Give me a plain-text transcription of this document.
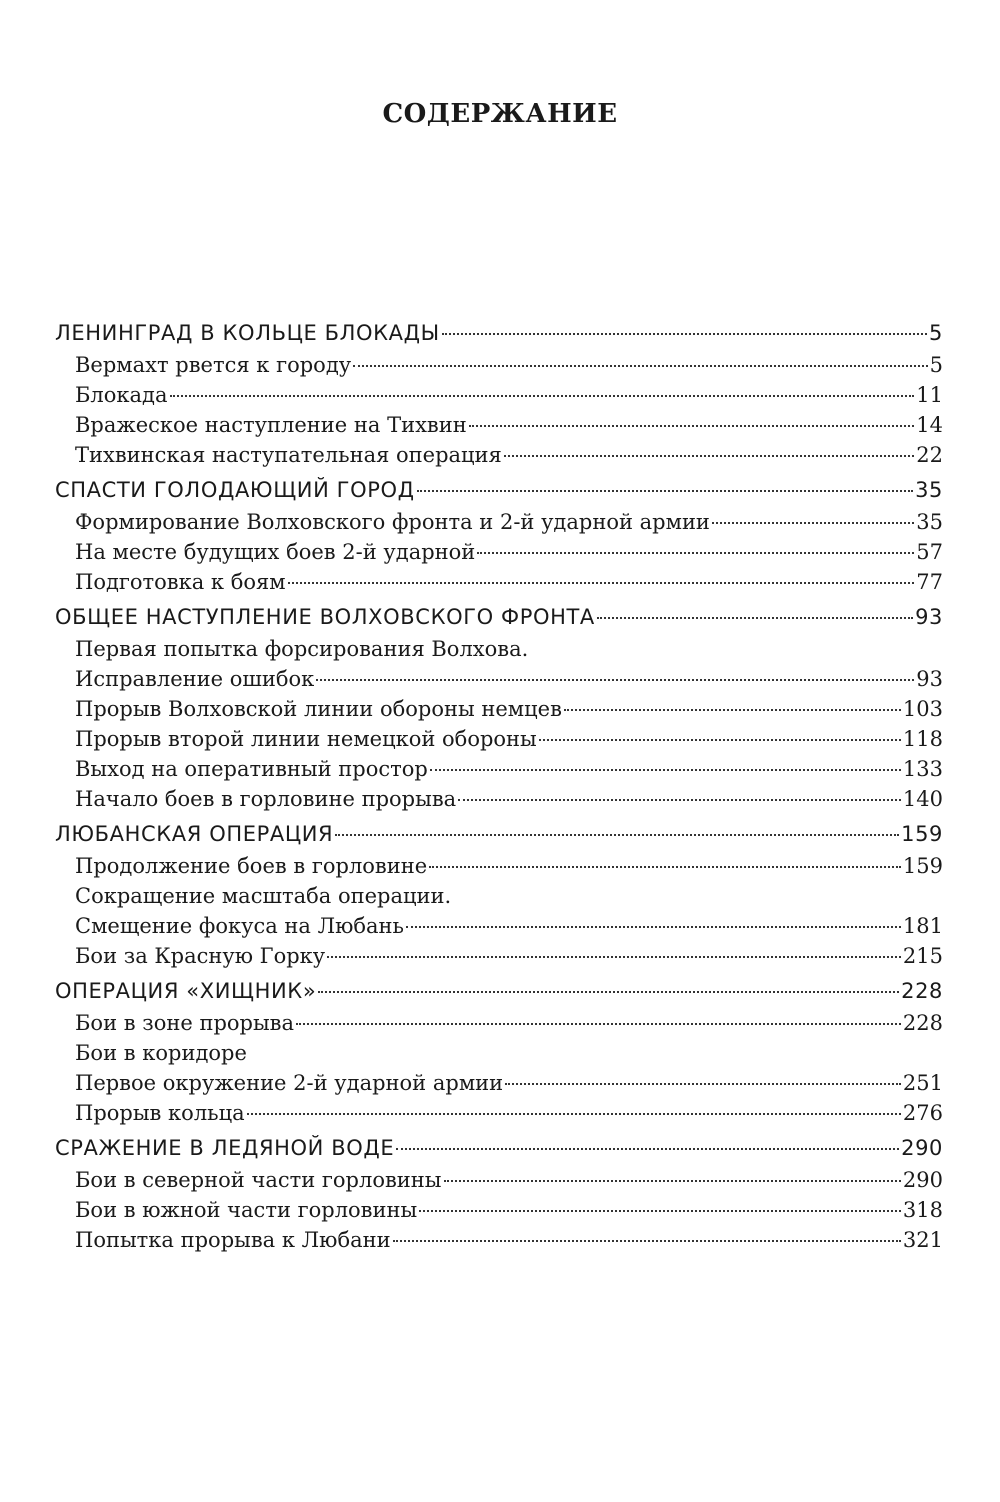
СОДЕРЖАНИЕ
ЛЕНИНГРАД В КОЛЬЦЕ БЛОКАДЫ	5
Вермахт рвется к городу	5
Блокада	11
Вражеское наступление на Тихвин	14
Тихвинская наступательная операция	22
СПАСТИ ГОЛОДАЮЩИЙ ГОРОД	35
Формирование Волховского фронта и 2-й ударной армии	35
На месте будущих боев 2-й ударной	57
Подготовка к боям	77
ОБЩЕЕ НАСТУПЛЕНИЕ ВОЛХОВСКОГО ФРОНТА	93
Первая попытка форсирования Волхова.
Исправление ошибок	93
Прорыв Волховской линии обороны немцев	103
Прорыв второй линии немецкой обороны	118
Выход на оперативный простор	133
Начало боев в горловине прорыва	140
ЛЮБАНСКАЯ ОПЕРАЦИЯ	159
Продолжение боев в горловине	159
Сокращение масштаба операции.
Смещение фокуса на Любань	181
Бои за Красную Горку	215
ОПЕРАЦИЯ «ХИЩНИК»	228
Бои в зоне прорыва	228
Бои в коридоре
Первое окружение 2-й ударной армии	251
Прорыв кольца	276
СРАЖЕНИЕ В ЛЕДЯНОЙ ВОДЕ	290
Бои в северной части горловины	290
Бои в южной части горловины	318
Попытка прорыва к Любани	321
